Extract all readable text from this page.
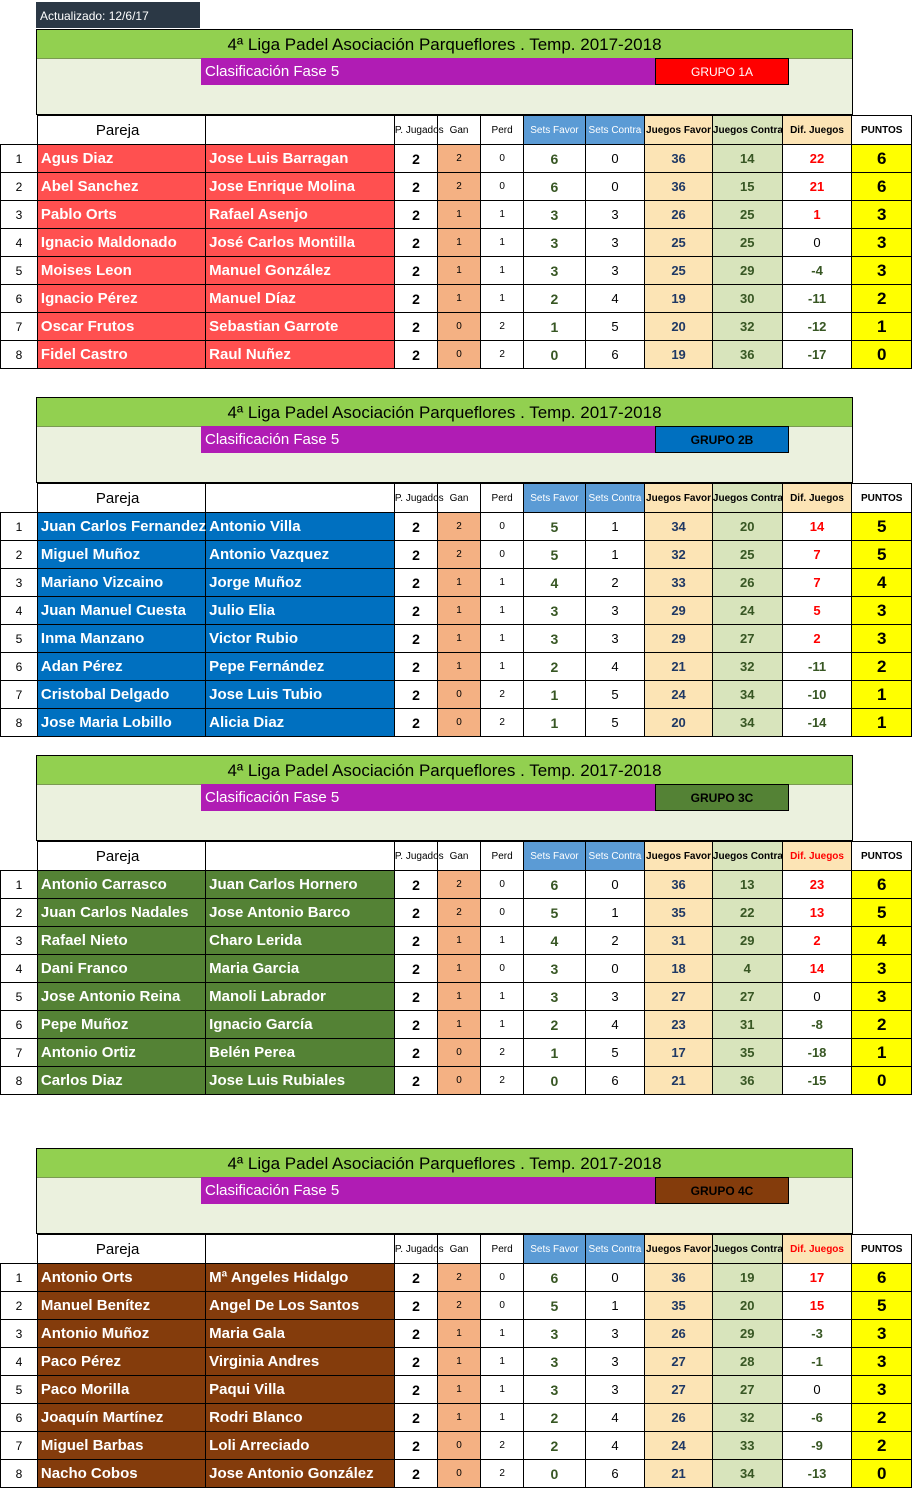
Actualizado: 12/6/17
4ª Liga Padel Asociación Parqueflores . Temp. 2017-2018
Clasificación Fase 5	GRUPO 1A
	Pareja		P. Jugados	Gan	Perd	Sets Favor	Sets Contra	Juegos Favor	Juegos Contra	Dif. Juegos	PUNTOS
1	Agus Diaz	Jose Luis Barragan	2	2	0	6	0	36	14	22	6
2	Abel Sanchez	Jose Enrique Molina	2	2	0	6	0	36	15	21	6
3	Pablo Orts	Rafael Asenjo	2	1	1	3	3	26	25	1	3
4	Ignacio Maldonado	José Carlos Montilla	2	1	1	3	3	25	25	0	3
5	Moises Leon	Manuel González	2	1	1	3	3	25	29	-4	3
6	Ignacio Pérez	Manuel Díaz	2	1	1	2	4	19	30	-11	2
7	Oscar Frutos	Sebastian Garrote	2	0	2	1	5	20	32	-12	1
8	Fidel Castro	Raul Nuñez	2	0	2	0	6	19	36	-17	0
4ª Liga Padel Asociación Parqueflores . Temp. 2017-2018
Clasificación Fase 5	GRUPO 2B
	Pareja		P. Jugados	Gan	Perd	Sets Favor	Sets Contra	Juegos Favor	Juegos Contra	Dif. Juegos	PUNTOS
1	Juan Carlos Fernandez	Antonio Villa	2	2	0	5	1	34	20	14	5
2	Miguel Muñoz	Antonio Vazquez	2	2	0	5	1	32	25	7	5
3	Mariano Vizcaino	Jorge Muñoz	2	1	1	4	2	33	26	7	4
4	Juan Manuel Cuesta	Julio Elia	2	1	1	3	3	29	24	5	3
5	Inma Manzano	Victor Rubio	2	1	1	3	3	29	27	2	3
6	Adan Pérez	Pepe Fernández	2	1	1	2	4	21	32	-11	2
7	Cristobal Delgado	Jose Luis Tubio	2	0	2	1	5	24	34	-10	1
8	Jose Maria Lobillo	Alicia Diaz	2	0	2	1	5	20	34	-14	1
4ª Liga Padel Asociación Parqueflores . Temp. 2017-2018
Clasificación Fase 5	GRUPO 3C
	Pareja		P. Jugados	Gan	Perd	Sets Favor	Sets Contra	Juegos Favor	Juegos Contra	Dif. Juegos	PUNTOS
1	Antonio Carrasco	Juan Carlos Hornero	2	2	0	6	0	36	13	23	6
2	Juan Carlos Nadales	Jose Antonio Barco	2	2	0	5	1	35	22	13	5
3	Rafael Nieto	Charo Lerida	2	1	1	4	2	31	29	2	4
4	Dani Franco	Maria Garcia	2	1	0	3	0	18	4	14	3
5	Jose Antonio Reina	Manoli Labrador	2	1	1	3	3	27	27	0	3
6	Pepe Muñoz	Ignacio García	2	1	1	2	4	23	31	-8	2
7	Antonio Ortiz	Belén Perea	2	0	2	1	5	17	35	-18	1
8	Carlos Diaz	Jose Luis Rubiales	2	0	2	0	6	21	36	-15	0
4ª Liga Padel Asociación Parqueflores . Temp. 2017-2018
Clasificación Fase 5	GRUPO 4C
	Pareja		P. Jugados	Gan	Perd	Sets Favor	Sets Contra	Juegos Favor	Juegos Contra	Dif. Juegos	PUNTOS
1	Antonio Orts	Mª Angeles Hidalgo	2	2	0	6	0	36	19	17	6
2	Manuel Benítez	Angel De Los Santos	2	2	0	5	1	35	20	15	5
3	Antonio Muñoz	Maria Gala	2	1	1	3	3	26	29	-3	3
4	Paco Pérez	Virginia Andres	2	1	1	3	3	27	28	-1	3
5	Paco Morilla	Paqui Villa	2	1	1	3	3	27	27	0	3
6	Joaquín Martínez	Rodri Blanco	2	1	1	2	4	26	32	-6	2
7	Miguel Barbas	Loli Arreciado	2	0	2	2	4	24	33	-9	2
8	Nacho Cobos	Jose Antonio González	2	0	2	0	6	21	34	-13	0
